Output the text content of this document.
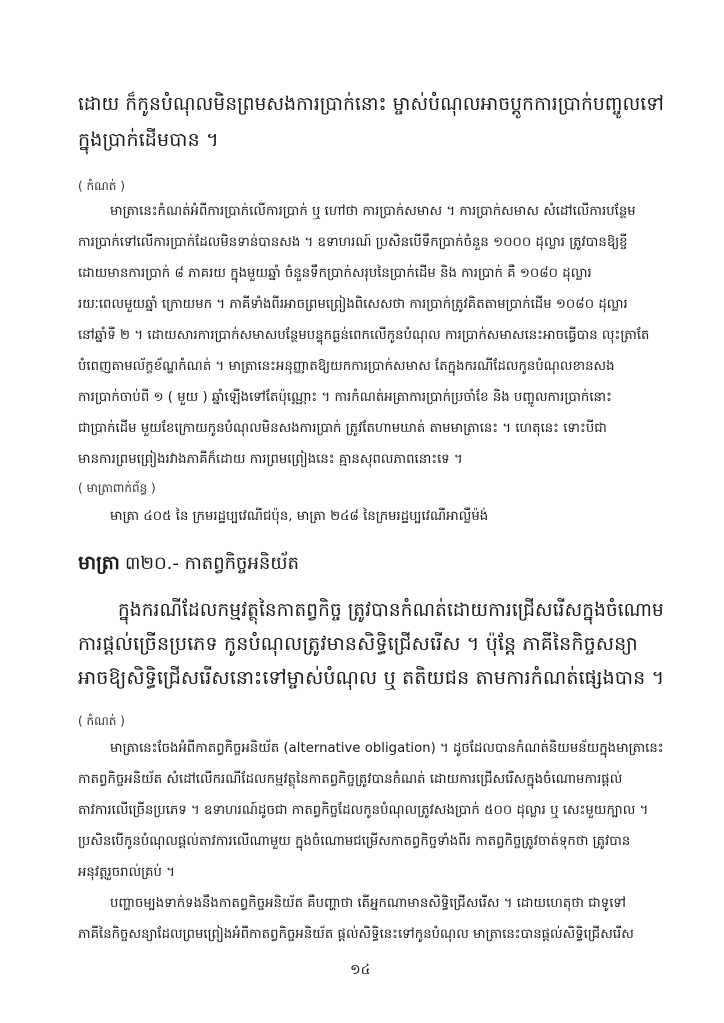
ដោយ ក៏កូនបំណុលមិនព្រមសងការប្រាក់នោះ ម្ចាស់បំណុលអាចប្តូកការប្រាក់បញ្ចូលទៅ
ក្នុងប្រាក់ដើមបាន ។
( កំណត់ )
មាត្រានេះកំណត់អំពីការប្រាក់លើការប្រាក់ ឬ ហៅថា ការប្រាក់សមាស ។ ការប្រាក់សមាស សំដៅលើការបន្ថែម
ការប្រាក់ទៅលើការប្រាក់ដែលមិនទាន់បានសង ។ ឧទាហរណ៍ ប្រសិនបើទឹកប្រាក់ចំនួន ១០០០ ដុល្លារ ត្រូវបានឱ្យខ្ចី
ដោយមានការប្រាក់ ៨ ភាគរយ ក្នុងមួយឆ្នាំ ចំនួនទឹកប្រាក់សរុបនៃប្រាក់ដើម និង ការប្រាក់ គឺ ១០៨០ ដុល្លារ
រយៈពេលមួយឆ្នាំ ក្រោយមក ។ ភាគីទាំងពីរអាចព្រមព្រៀងពិសេសថា ការប្រាក់ត្រូវគិតតាមប្រាក់ដើម ១០៨០ ដុល្លារ
នៅឆ្នាំទី ២ ។ ដោយសារការប្រាក់សមាសបន្ថែមបន្ទុកធ្ងន់ពេកលើកូនបំណុល ការប្រាក់សមាសនេះអាចធ្វើបាន លុះត្រាតែ
បំពេញតាមល័ក្ខខ័ណ្ឌកំណត់ ។ មាត្រានេះអនុញ្ញាតឱ្យយកការប្រាក់សមាស តែក្នុងករណីដែលកូនបំណុលខានសង
ការប្រាក់ចាប់ពី ១ ( មួយ ) ឆ្នាំឡើងទៅតែប៉ុណ្ណោះ ។ ការកំណត់អត្រាការប្រាក់ប្រចាំខែ និង បញ្ចូលការប្រាក់នោះ
ជាប្រាក់ដើម មួយខែក្រោយកូនបំណុលមិនសងការប្រាក់ ត្រូវតែហាមឃាត់ តាមមាត្រានេះ ។ ហេតុនេះ ទោះបីជា
មានការព្រមព្រៀងរវាងភាគីក៏ដោយ ការព្រមព្រៀងនេះ គ្មានសុពលភាពនោះទេ ។
( មាត្រាពាក់ព័ន្ធ )
មាត្រា ៤០៥ នៃ ក្រមរដ្ឋប្បវេណីជប៉ុន, មាត្រា ២៤៨ នៃក្រមរដ្ឋប្បវេណីអាល្លឺម៉ង់
មាត្រា ៣២០.- កាតព្វកិច្ចអនិយ័ត
ក្នុងករណីដែលកម្មវត្ថុនៃកាតព្វកិច្ច ត្រូវបានកំណត់ដោយការជ្រើសរើសក្នុងចំណោម
ការផ្តល់ច្រើនប្រភេទ កូនបំណុលត្រូវមានសិទ្ធិជ្រើសរើស ។ ប៉ុន្តែ ភាគីនៃកិច្ចសន្យា
អាចឱ្យសិទ្ធិជ្រើសរើសនោះទៅម្ចាស់បំណុល ឬ តតិយជន តាមការកំណត់ផ្សេងបាន ។
( កំណត់ )
មាត្រានេះចែងអំពីកាតព្វកិច្ចអនិយ័ត (alternative obligation) ។ ដូចដែលបានកំណត់និយមន័យក្នុងមាត្រានេះ
កាតព្វកិច្ចអនិយ័ត សំដៅលើករណីដែលកម្មវត្ថុនៃកាតព្វកិច្ចត្រូវបានកំណត់ ដោយការជ្រើសរើសក្នុងចំណោមការផ្តល់
តាវការលើច្រើនប្រភេទ ។ ឧទាហរណ៍ដូចជា កាតព្វកិច្ចដែលកូនបំណុលត្រូវសងប្រាក់ ៥០០ ដុល្លារ ឬ សេះមួយក្បាល ។
ប្រសិនបើកូនបំណុលផ្តល់តាវការលើណាមួយ ក្នុងចំណោមជម្រើសកាតព្វកិច្ចទាំងពីរ កាតព្វកិច្ចត្រូវចាត់ទុកថា ត្រូវបាន
អនុវត្តរួចរាល់គ្រប់ ។
បញ្ហាចម្បងទាក់ទងនឹងកាតព្វកិច្ចអនិយ័ត គឺបញ្ហាថា តើអ្នកណាមានសិទ្ធិជ្រើសរើស ។ ដោយហេតុថា ជាទូទៅ
ភាគីនៃកិច្ចសន្យាដែលព្រមព្រៀងអំពីកាតព្វកិច្ចអនិយ័ត ផ្តល់សិទ្ធិនេះទៅកូនបំណុល មាត្រានេះបានផ្តល់សិទ្ធិជ្រើសរើស
១៤
